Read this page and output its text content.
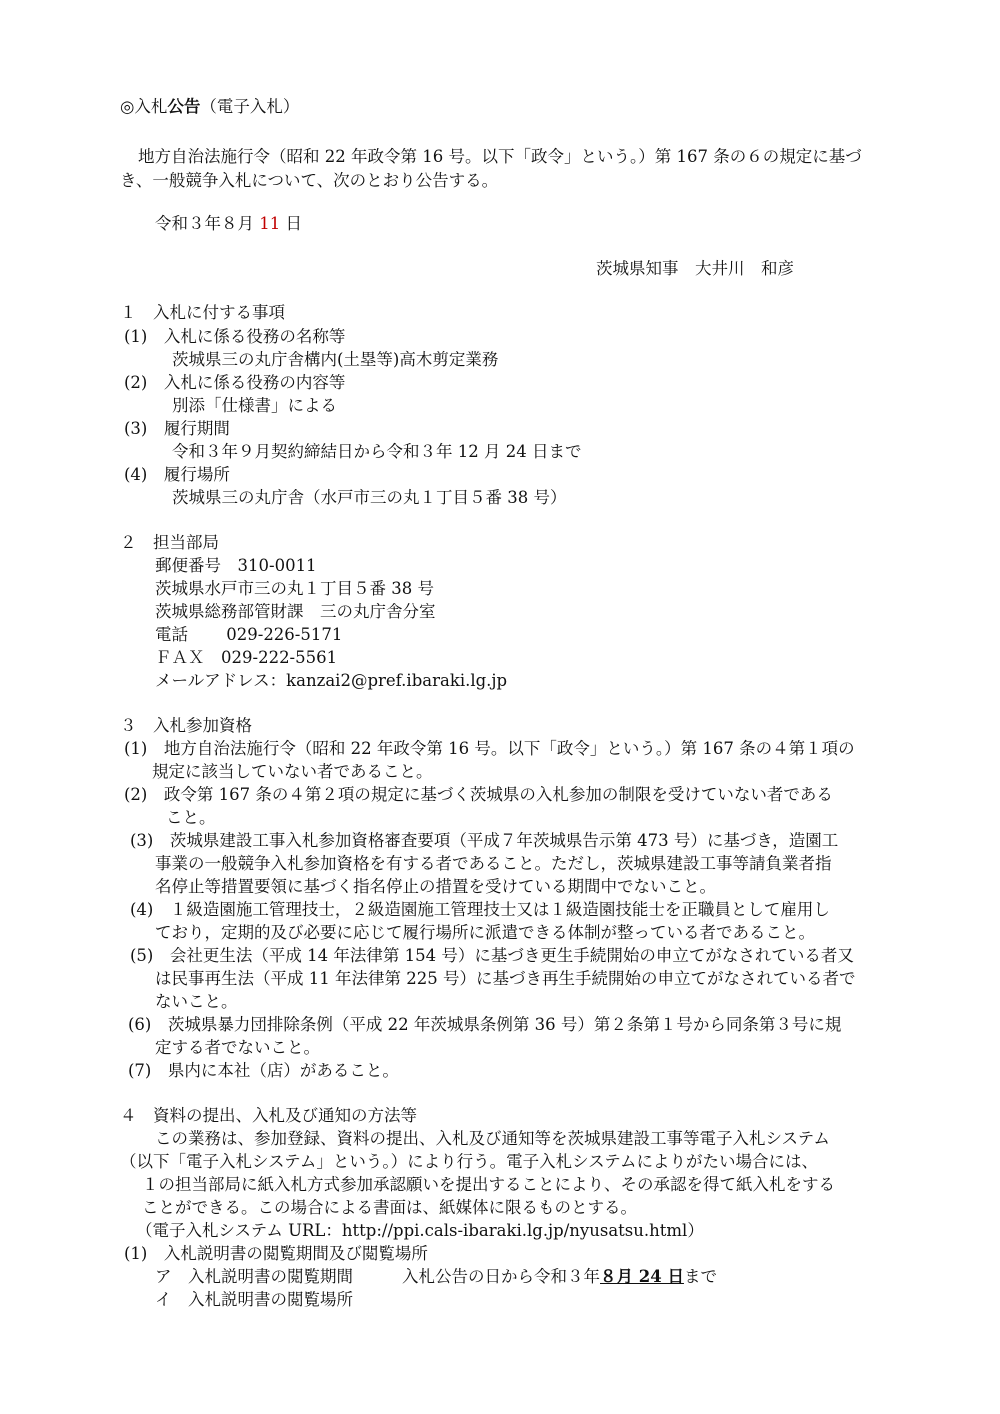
◎入札公告（電子入札）
地方自治法施行令（昭和 22 年政令第 16 号。以下「政令」という。）第 167 条の６の規定に基づ
き、一般競争入札について、次のとおり公告する。
令和３年８月 11 日
茨城県知事　大井川　和彦
１　入札に付する事項
(1)　入札に係る役務の名称等
茨城県三の丸庁舎構内(土塁等)高木剪定業務
(2)　入札に係る役務の内容等
別添「仕様書」による
(3)　履行期間
令和３年９月契約締結日から令和３年 12 月 24 日まで
(4)　履行場所
茨城県三の丸庁舎（水戸市三の丸１丁目５番 38 号）
２　担当部局
郵便番号　310-0011
茨城県水戸市三の丸１丁目５番 38 号
茨城県総務部管財課　三の丸庁舎分室
電話　　 029-226-5171
ＦＡＸ　029-222-5561
メールアドレス：kanzai2@pref.ibaraki.lg.jp
３　入札参加資格
(1)　地方自治法施行令（昭和 22 年政令第 16 号。以下「政令」という。）第 167 条の４第１項の
規定に該当していない者であること。
(2)　政令第 167 条の４第２項の規定に基づく茨城県の入札参加の制限を受けていない者である
こと。
(3)　茨城県建設工事入札参加資格審査要項（平成７年茨城県告示第 473 号）に基づき，造園工
事業の一般競争入札参加資格を有する者であること。ただし，茨城県建設工事等請負業者指
名停止等措置要領に基づく指名停止の措置を受けている期間中でないこと。
(4)　１級造園施工管理技士，２級造園施工管理技士又は１級造園技能士を正職員として雇用し
ており，定期的及び必要に応じて履行場所に派遣できる体制が整っている者であること。
(5)　会社更生法（平成 14 年法律第 154 号）に基づき更生手続開始の申立てがなされている者又
は民事再生法（平成 11 年法律第 225 号）に基づき再生手続開始の申立てがなされている者で
ないこと。
(6)　茨城県暴力団排除条例（平成 22 年茨城県条例第 36 号）第２条第１号から同条第３号に規
定する者でないこと。
(7)　県内に本社（店）があること。
４　資料の提出、入札及び通知の方法等
この業務は、参加登録、資料の提出、入札及び通知等を茨城県建設工事等電子入札システム
（以下「電子入札システム」という。）により行う。電子入札システムによりがたい場合には、
１の担当部局に紙入札方式参加承認願いを提出することにより、その承認を得て紙入札をする
ことができる。この場合による書面は、紙媒体に限るものとする。
（電子入札システム URL：http://ppi.cals-ibaraki.lg.jp/nyusatsu.html）
(1)　入札説明書の閲覧期間及び閲覧場所
ア　入札説明書の閲覧期間	入札公告の日から令和３年８月 24 日まで
イ　入札説明書の閲覧場所
